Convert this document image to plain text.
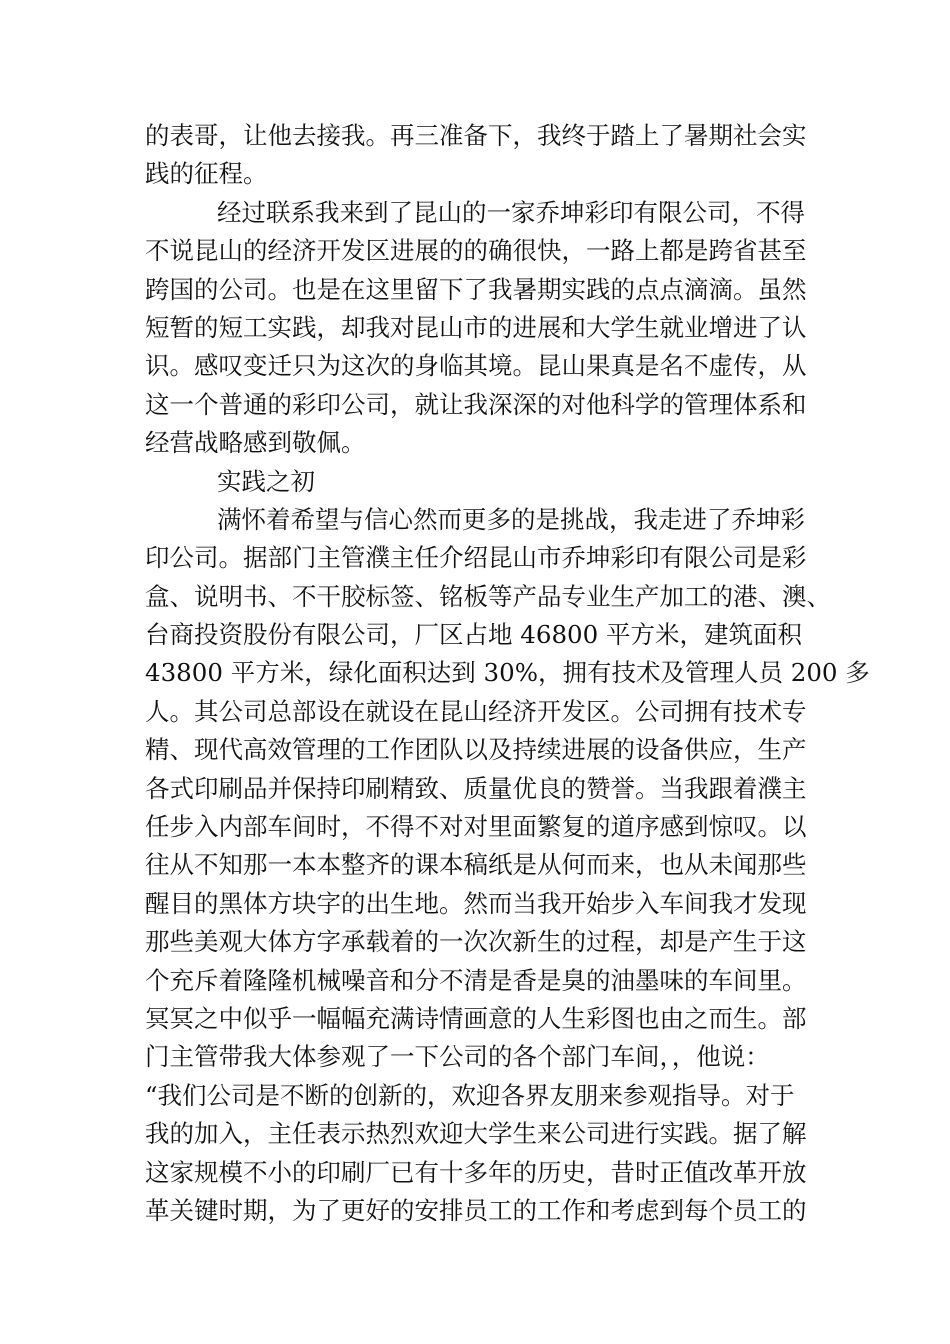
的表哥，让他去接我。再三准备下，我终于踏上了暑期社会实
践的征程。
经过联系我来到了昆山的一家乔坤彩印有限公司，不得
不说昆山的经济开发区进展的的确很快，一路上都是跨省甚至
跨国的公司。也是在这里留下了我暑期实践的点点滴滴。虽然
短暂的短工实践，却我对昆山市的进展和大学生就业增进了认
识。感叹变迁只为这次的身临其境。昆山果真是名不虚传，从
这一个普通的彩印公司，就让我深深的对他科学的管理体系和
经营战略感到敬佩。
实践之初
满怀着希望与信心然而更多的是挑战，我走进了乔坤彩
印公司。据部门主管濮主任介绍昆山市乔坤彩印有限公司是彩
盒、说明书、不干胶标签、铭板等产品专业生产加工的港、澳、
台商投资股份有限公司，厂区占地 46800 平方米，建筑面积
43800 平方米，绿化面积达到 30%，拥有技术及管理人员 200 多
人。其公司总部设在就设在昆山经济开发区。公司拥有技术专
精、现代高效管理的工作团队以及持续进展的设备供应，生产
各式印刷品并保持印刷精致、质量优良的赞誉。当我跟着濮主
任步入内部车间时，不得不对对里面繁复的道序感到惊叹。以
往从不知那一本本整齐的课本稿纸是从何而来，也从未闻那些
醒目的黑体方块字的出生地。然而当我开始步入车间我才发现
那些美观大体方字承载着的一次次新生的过程，却是产生于这
个充斥着隆隆机械噪音和分不清是香是臭的油墨味的车间里。
冥冥之中似乎一幅幅充满诗情画意的人生彩图也由之而生。部
门主管带我大体参观了一下公司的各个部门车间，，他说：
“我们公司是不断的创新的，欢迎各界友朋来参观指导。对于
我的加入，主任表示热烈欢迎大学生来公司进行实践。据了解
这家规模不小的印刷厂已有十多年的历史，昔时正值改革开放
革关键时期，为了更好的安排员工的工作和考虑到每个员工的
